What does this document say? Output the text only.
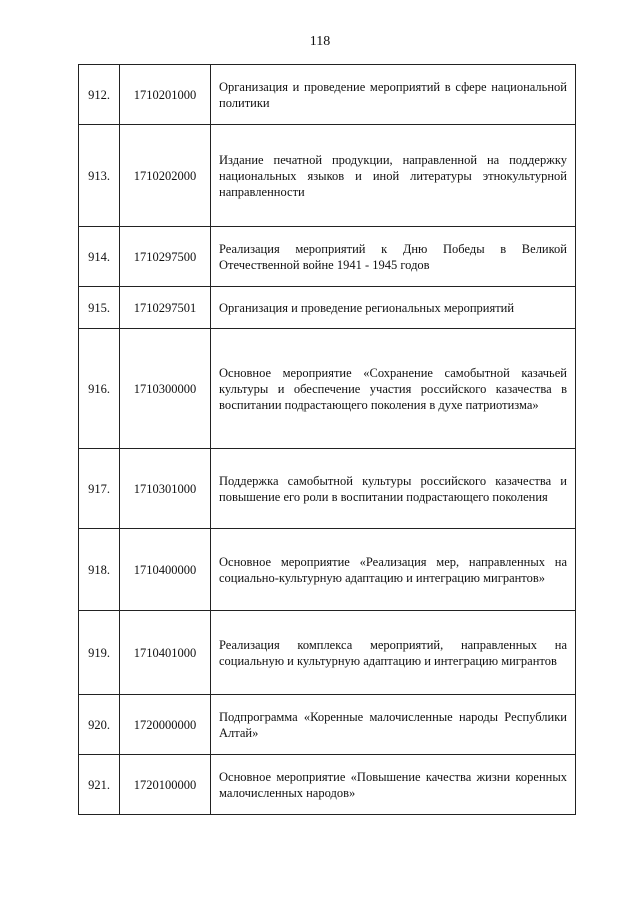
118
912.	1710201000	Организация и проведение мероприятий в сфере национальной политики
913.	1710202000	Издание печатной продукции, направленной на поддержку национальных языков и иной литературы этнокультурной направленности
914.	1710297500	Реализация мероприятий к Дню Победы в Великой Отечественной войне 1941 - 1945 годов
915.	1710297501	Организация и проведение региональных мероприятий
916.	1710300000	Основное мероприятие «Сохранение самобытной казачьей культуры и обеспечение участия российского казачества в воспитании подрастающего поколения в духе патриотизма»
917.	1710301000	Поддержка самобытной культуры российского казачества и повышение его роли в воспитании подрастающего поколения
918.	1710400000	Основное мероприятие «Реализация мер, направленных на социально-культурную адаптацию и интеграцию мигрантов»
919.	1710401000	Реализация комплекса мероприятий, направленных на социальную и культурную адаптацию и интеграцию мигрантов
920.	1720000000	Подпрограмма «Коренные малочисленные народы Республики Алтай»
921.	1720100000	Основное мероприятие «Повышение качества жизни коренных малочисленных народов»
